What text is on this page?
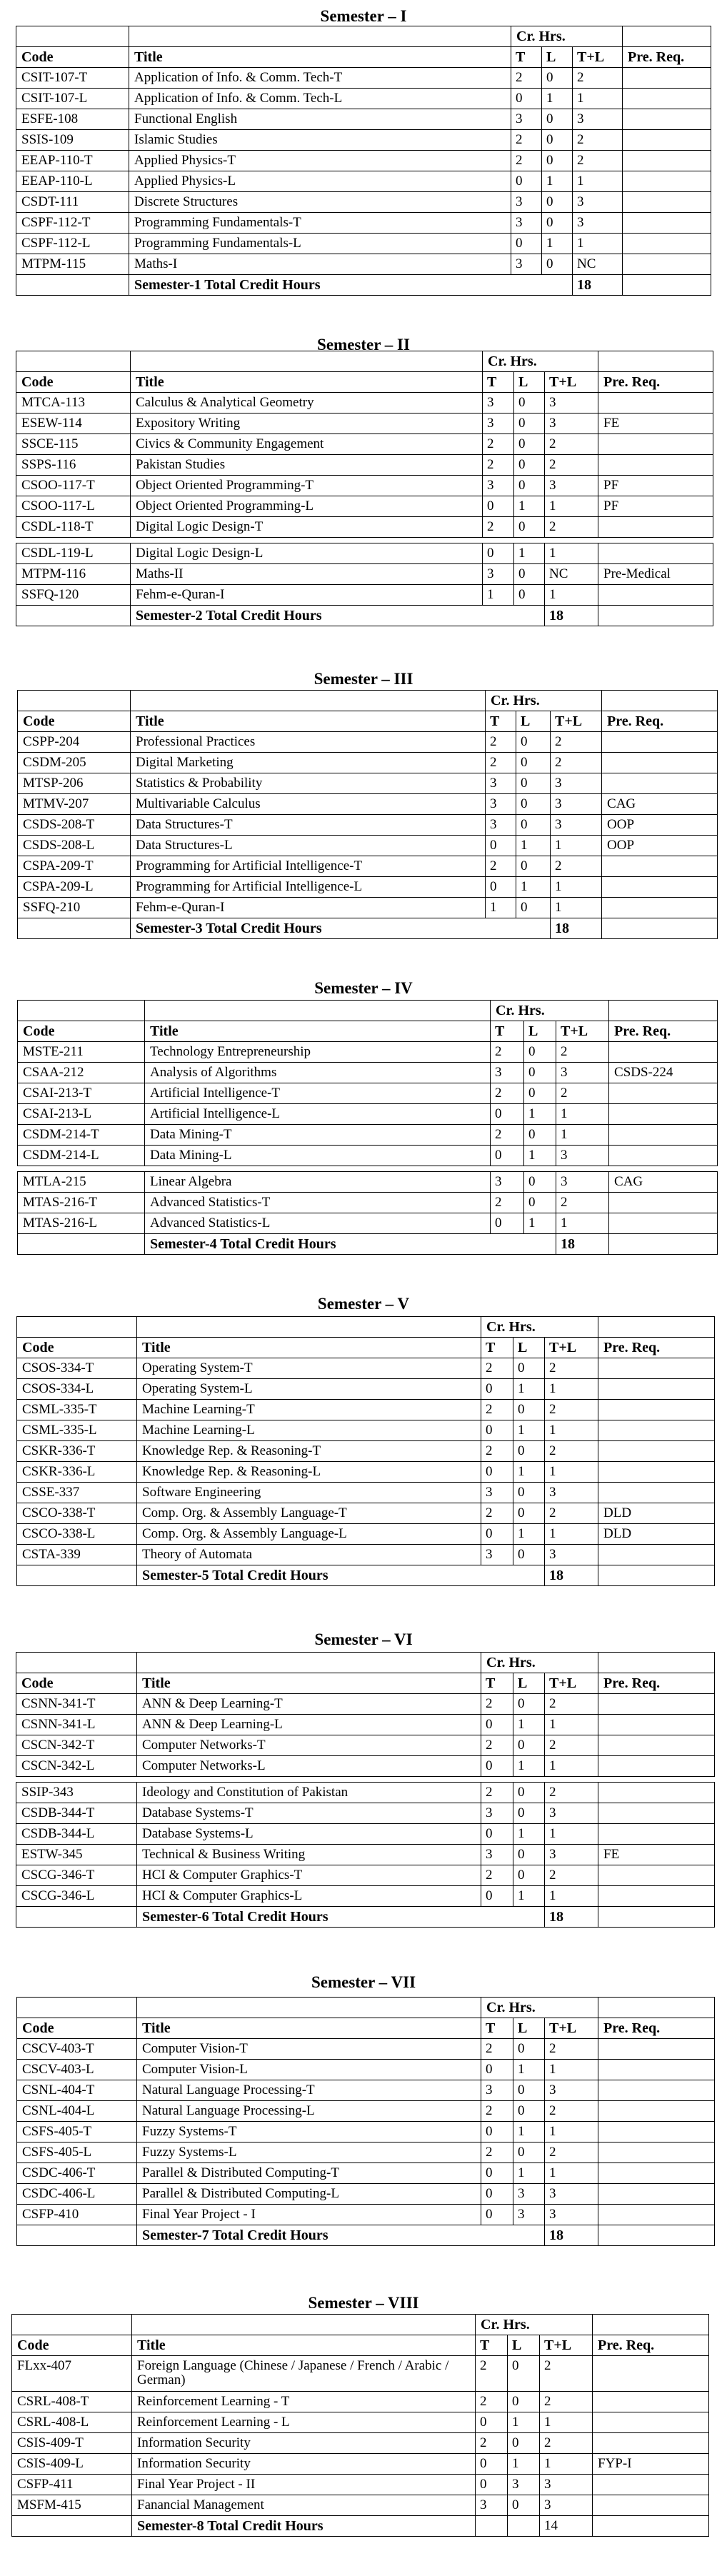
Semester – I
		Cr. Hrs.			
Code	Title	T	L	T+L	Pre. Req.
CSIT-107-T	Application of Info. & Comm. Tech-T	2	0	2	
CSIT-107-L	Application of Info. & Comm. Tech-L	0	1	1	
ESFE-108	Functional English	3	0	3	
SSIS-109	Islamic Studies	2	0	2	
EEAP-110-T	Applied Physics-T	2	0	2	
EEAP-110-L	Applied Physics-L	0	1	1	
CSDT-111	Discrete Structures	3	0	3	
CSPF-112-T	Programming Fundamentals-T	3	0	3	
CSPF-112-L	Programming Fundamentals-L	0	1	1	
MTPM-115	Maths-I	3	0	NC	
	Semester-1 Total Credit Hours			18	
Semester – II
		Cr. Hrs.			
Code	Title	T	L	T+L	Pre. Req.
MTCA-113	Calculus & Analytical Geometry	3	0	3	
ESEW-114	Expository Writing	3	0	3	FE
SSCE-115	Civics & Community Engagement	2	0	2	
SSPS-116	Pakistan Studies	2	0	2	
CSOO-117-T	Object Oriented Programming-T	3	0	3	PF
CSOO-117-L	Object Oriented Programming-L	0	1	1	PF
CSDL-118-T	Digital Logic Design-T	2	0	2	

CSDL-119-L	Digital Logic Design-L	0	1	1	
MTPM-116	Maths-II	3	0	NC	Pre-Medical
SSFQ-120	Fehm-e-Quran-I	1	0	1	
	Semester-2 Total Credit Hours			18	
Semester – III
		Cr. Hrs.			
Code	Title	T	L	T+L	Pre. Req.
CSPP-204	Professional Practices	2	0	2	
CSDM-205	Digital Marketing	2	0	2	
MTSP-206	Statistics & Probability	3	0	3	
MTMV-207	Multivariable Calculus	3	0	3	CAG
CSDS-208-T	Data Structures-T	3	0	3	OOP
CSDS-208-L	Data Structures-L	0	1	1	OOP
CSPA-209-T	Programming for Artificial Intelligence-T	2	0	2	
CSPA-209-L	Programming for Artificial Intelligence-L	0	1	1	
SSFQ-210	Fehm-e-Quran-I	1	0	1	
	Semester-3 Total Credit Hours			18	
Semester – IV
		Cr. Hrs.			
Code	Title	T	L	T+L	Pre. Req.
MSTE-211	Technology Entrepreneurship	2	0	2	
CSAA-212	Analysis of Algorithms	3	0	3	CSDS-224
CSAI-213-T	Artificial Intelligence-T	2	0	2	
CSAI-213-L	Artificial Intelligence-L	0	1	1	
CSDM-214-T	Data Mining-T	2	0	1	
CSDM-214-L	Data Mining-L	0	1	3	

MTLA-215	Linear Algebra	3	0	3	CAG
MTAS-216-T	Advanced Statistics-T	2	0	2	
MTAS-216-L	Advanced Statistics-L	0	1	1	
	Semester-4 Total Credit Hours			18	
Semester – V
		Cr. Hrs.			
Code	Title	T	L	T+L	Pre. Req.
CSOS-334-T	Operating System-T	2	0	2	
CSOS-334-L	Operating System-L	0	1	1	
CSML-335-T	Machine Learning-T	2	0	2	
CSML-335-L	Machine Learning-L	0	1	1	
CSKR-336-T	Knowledge Rep. & Reasoning-T	2	0	2	
CSKR-336-L	Knowledge Rep. & Reasoning-L	0	1	1	
CSSE-337	Software Engineering	3	0	3	
CSCO-338-T	Comp. Org. & Assembly Language-T	2	0	2	DLD
CSCO-338-L	Comp. Org. & Assembly Language-L	0	1	1	DLD
CSTA-339	Theory of Automata	3	0	3	
	Semester-5 Total Credit Hours			18	
Semester – VI
		Cr. Hrs.			
Code	Title	T	L	T+L	Pre. Req.
CSNN-341-T	ANN & Deep Learning-T	2	0	2	
CSNN-341-L	ANN & Deep Learning-L	0	1	1	
CSCN-342-T	Computer Networks-T	2	0	2	
CSCN-342-L	Computer Networks-L	0	1	1	

SSIP-343	Ideology and Constitution of Pakistan	2	0	2	
CSDB-344-T	Database Systems-T	3	0	3	
CSDB-344-L	Database Systems-L	0	1	1	
ESTW-345	Technical & Business Writing	3	0	3	FE
CSCG-346-T	HCI & Computer Graphics-T	2	0	2	
CSCG-346-L	HCI & Computer Graphics-L	0	1	1	
	Semester-6 Total Credit Hours			18	
Semester – VII
		Cr. Hrs.			
Code	Title	T	L	T+L	Pre. Req.
CSCV-403-T	Computer Vision-T	2	0	2	
CSCV-403-L	Computer Vision-L	0	1	1	
CSNL-404-T	Natural Language Processing-T	3	0	3	
CSNL-404-L	Natural Language Processing-L	2	0	2	
CSFS-405-T	Fuzzy Systems-T	0	1	1	
CSFS-405-L	Fuzzy Systems-L	2	0	2	
CSDC-406-T	Parallel & Distributed Computing-T	0	1	1	
CSDC-406-L	Parallel & Distributed Computing-L	0	3	3	
CSFP-410	Final Year Project - I	0	3	3	
	Semester-7 Total Credit Hours			18	
Semester – VIII
		Cr. Hrs.			
Code	Title	T	L	T+L	Pre. Req.
FLxx-407	Foreign Language (Chinese / Japanese / French / Arabic / German)	2	0	2	
CSRL-408-T	Reinforcement Learning - T	2	0	2	
CSRL-408-L	Reinforcement Learning - L	0	1	1	
CSIS-409-T	Information Security	2	0	2	
CSIS-409-L	Information Security	0	1	1	FYP-I
CSFP-411	Final Year Project - II	0	3	3	
MSFM-415	Fanancial Management	3	0	3	
	Semester-8 Total Credit Hours			14	
